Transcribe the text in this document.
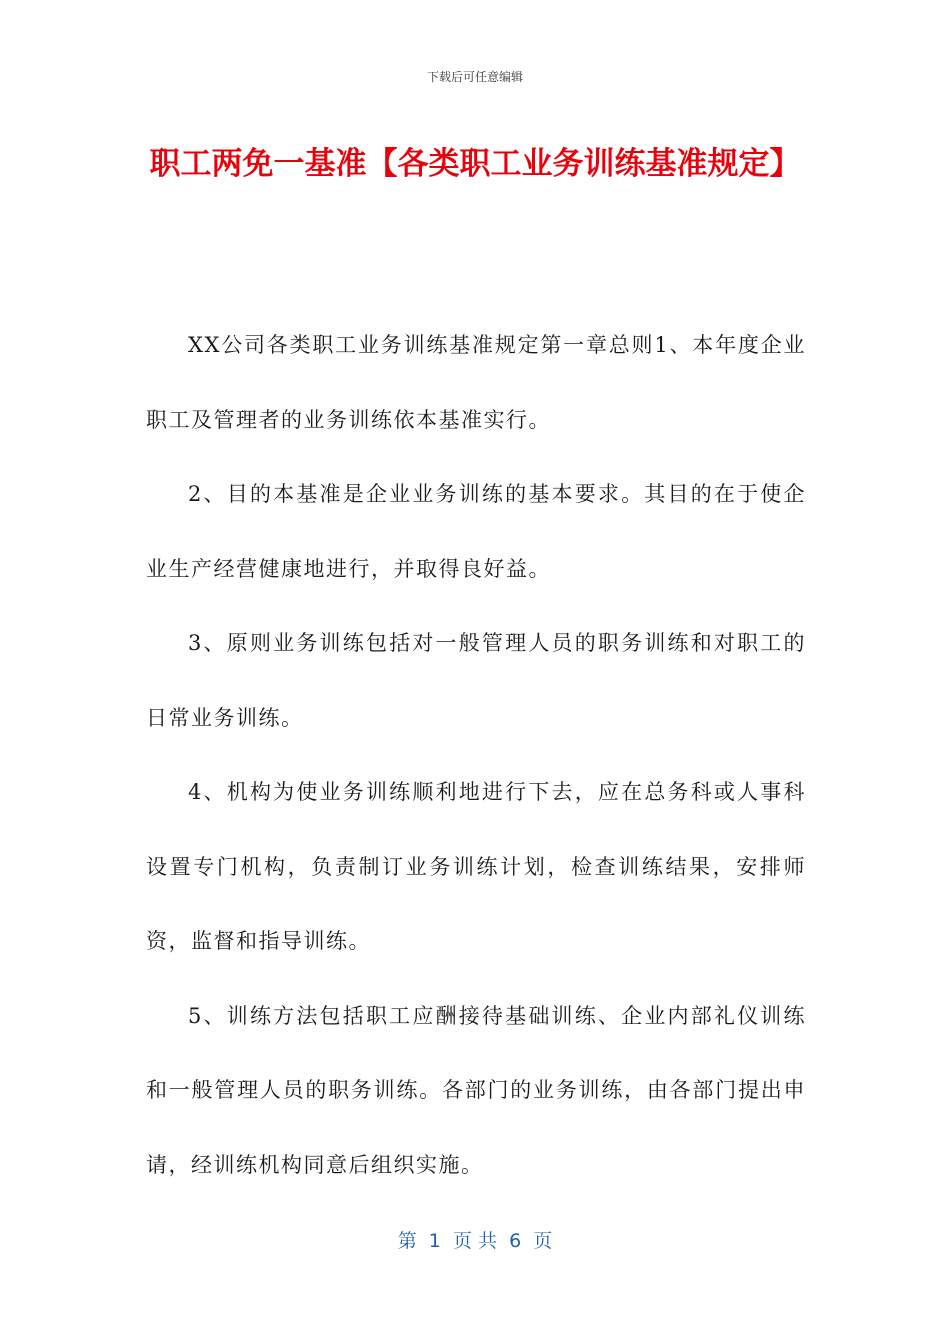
下载后可任意编辑
职工两免一基准【各类职工业务训练基准规定】

XX公司各类职工业务训练基准规定第一章总则1、本年度企业职工及管理者的业务训练依本基准实行。

2、目的本基准是企业业务训练的基本要求。其目的在于使企业生产经营健康地进行，并取得良好益。

3、原则业务训练包括对一般管理人员的职务训练和对职工的日常业务训练。

4、机构为使业务训练顺利地进行下去，应在总务科或人事科设置专门机构，负责制订业务训练计划，检查训练结果，安排师资，监督和指导训练。

5、训练方法包括职工应酬接待基础训练、企业内部礼仪训练和一般管理人员的职务训练。各部门的业务训练，由各部门提出申请，经训练机构同意后组织实施。

第  1  页 共  6  页
